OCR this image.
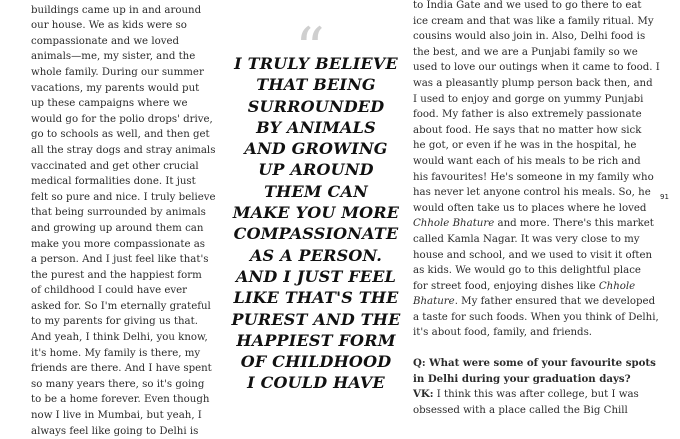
buildings came up in and around
our house. We as kids were so
compassionate and we loved
animals—me, my sister, and the
whole family. During our summer
vacations, my parents would put
up these campaigns where we
would go for the polio drops' drive,
go to schools as well, and then get
all the stray dogs and stray animals
vaccinated and get other crucial
medical formalities done. It just
felt so pure and nice. I truly believe
that being surrounded by animals
and growing up around them can
make you more compassionate as
a person. And I just feel like that's
the purest and the happiest form
of childhood I could have ever
asked for. So I'm eternally grateful
to my parents for giving us that.
And yeah, I think Delhi, you know,
it's home. My family is there, my
friends are there. And I have spent
so many years there, so it's going
to be a home forever. Even though
now I live in Mumbai, but yeah, I
always feel like going to Delhi is
“
I TRULY BELIEVE
THAT BEING
SURROUNDED
BY ANIMALS
AND GROWING
UP AROUND
THEM CAN
MAKE YOU MORE
COMPASSIONATE
AS A PERSON.
AND I JUST FEEL
LIKE THAT'S THE
PUREST AND THE
HAPPIEST FORM
OF CHILDHOOD
I COULD HAVE
to India Gate and we used to go there to eat
ice cream and that was like a family ritual. My
cousins would also join in. Also, Delhi food is
the best, and we are a Punjabi family so we
used to love our outings when it came to food. I
was a pleasantly plump person back then, and
I used to enjoy and gorge on yummy Punjabi
food. My father is also extremely passionate
about food. He says that no matter how sick
he got, or even if he was in the hospital, he
would want each of his meals to be rich and
his favourites! He's someone in my family who
has never let anyone control his meals. So, he
would often take us to places where he loved
Chhole Bhature and more. There's this market
called Kamla Nagar. It was very close to my
house and school, and we used to visit it often
as kids. We would go to this delightful place
for street food, enjoying dishes like Chhole
Bhature. My father ensured that we developed
a taste for such foods. When you think of Delhi,
it's about food, family, and friends.
Q: What were some of your favourite spots
in Delhi during your graduation days?
VK: I think this was after college, but I was
obsessed with a place called the Big Chill
91
